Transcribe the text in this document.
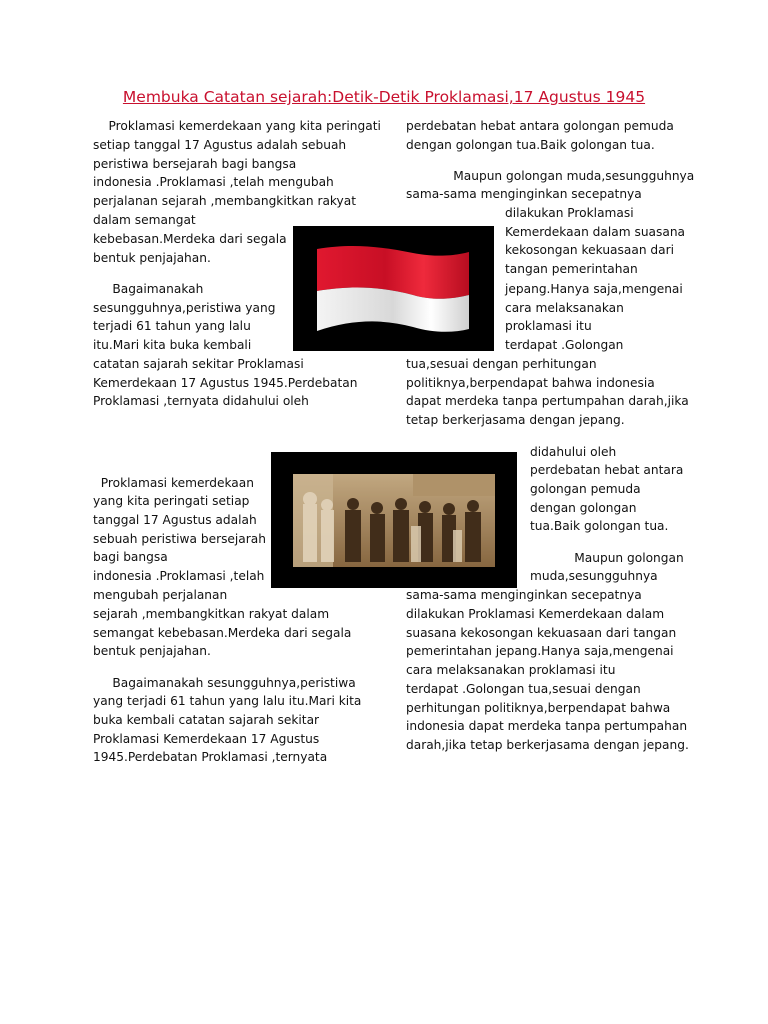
Membuka Catatan sejarah:Detik-Detik Proklamasi,17 Agustus 1945
Proklamasi kemerdekaan yang kita peringati
setiap tanggal 17 Agustus adalah sebuah
peristiwa bersejarah bagi bangsa
indonesia .Proklamasi ,telah mengubah
perjalanan sejarah ,membangkitkan rakyat
dalam semangat
kebebasan.Merdeka dari segala
bentuk penjajahan.
Bagaimanakah
sesungguhnya,peristiwa yang
terjadi 61 tahun yang lalu
itu.Mari kita buka kembali
catatan sajarah sekitar Proklamasi
Kemerdekaan 17 Agustus 1945.Perdebatan
Proklamasi ,ternyata didahului oleh
perdebatan hebat antara golongan pemuda
dengan golongan tua.Baik golongan tua.
Maupun golongan muda,sesungguhnya
sama-sama menginginkan secepatnya
dilakukan Proklamasi
Kemerdekaan dalam suasana
kekosongan kekuasaan dari
tangan pemerintahan
jepang.Hanya saja,mengenai
cara melaksanakan
proklamasi itu
terdapat .Golongan
tua,sesuai dengan perhitungan
politiknya,berpendapat bahwa indonesia
dapat merdeka tanpa pertumpahan darah,jika
tetap berkerjasama dengan jepang.
Proklamasi kemerdekaan
yang kita peringati setiap
tanggal 17 Agustus adalah
sebuah peristiwa bersejarah
bagi bangsa
indonesia .Proklamasi ,telah
mengubah perjalanan
sejarah ,membangkitkan rakyat dalam
semangat kebebasan.Merdeka dari segala
bentuk penjajahan.
Bagaimanakah sesungguhnya,peristiwa
yang terjadi 61 tahun yang lalu itu.Mari kita
buka kembali catatan sajarah sekitar
Proklamasi Kemerdekaan 17 Agustus
1945.Perdebatan Proklamasi ,ternyata
didahului oleh
perdebatan hebat antara
golongan pemuda
dengan golongan
tua.Baik golongan tua.
Maupun golongan
muda,sesungguhnya
sama-sama menginginkan secepatnya
dilakukan Proklamasi Kemerdekaan dalam
suasana kekosongan kekuasaan dari tangan
pemerintahan jepang.Hanya saja,mengenai
cara melaksanakan proklamasi itu
terdapat .Golongan tua,sesuai dengan
perhitungan politiknya,berpendapat bahwa
indonesia dapat merdeka tanpa pertumpahan
darah,jika tetap berkerjasama dengan jepang.
